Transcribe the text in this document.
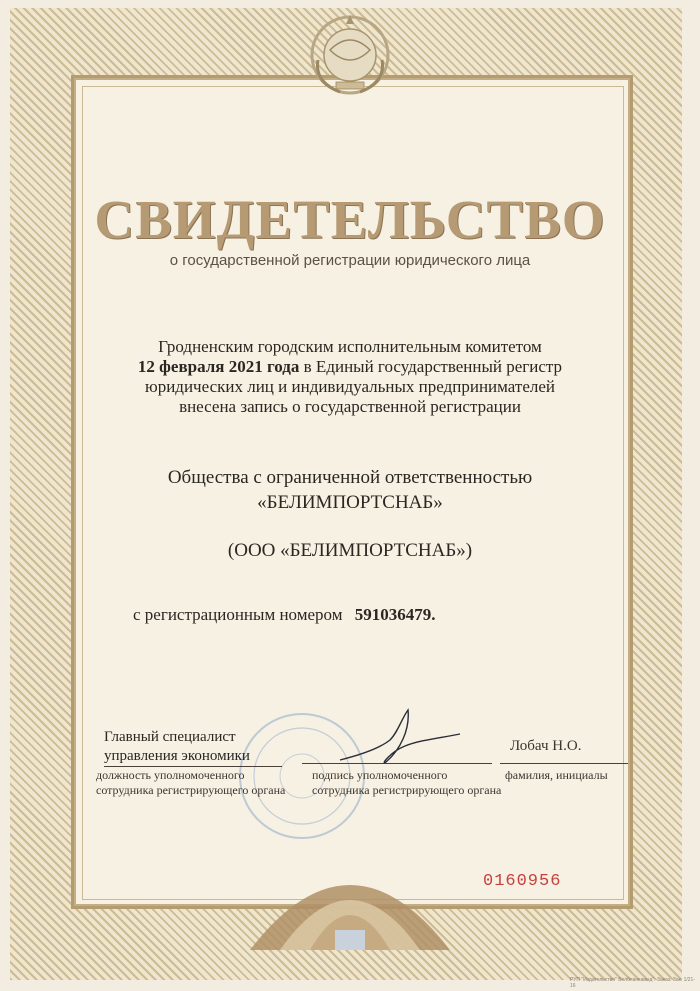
СВИДЕТЕЛЬСТВО
о государственной регистрации юридического лица
Гродненским городским исполнительным комитетом
12 февраля 2021 года в Единый государственный регистр
юридических лиц и индивидуальных предпринимателей
внесена запись о государственной регистрации
Общества с ограниченной ответственностью
«БЕЛИМПОРТСНАБ»
(ООО «БЕЛИМПОРТСНАБ»)
с регистрационным номером 591036479.
Главный специалист
управления экономики
должность уполномоченного сотрудника регистрирующего органа
подпись уполномоченного сотрудника регистрирующего органа
Лобач Н.О.
фамилия, инициалы
0160956
РУП "Издательство" Белбланкавыд". Заказ. Зак. 1/21-16
